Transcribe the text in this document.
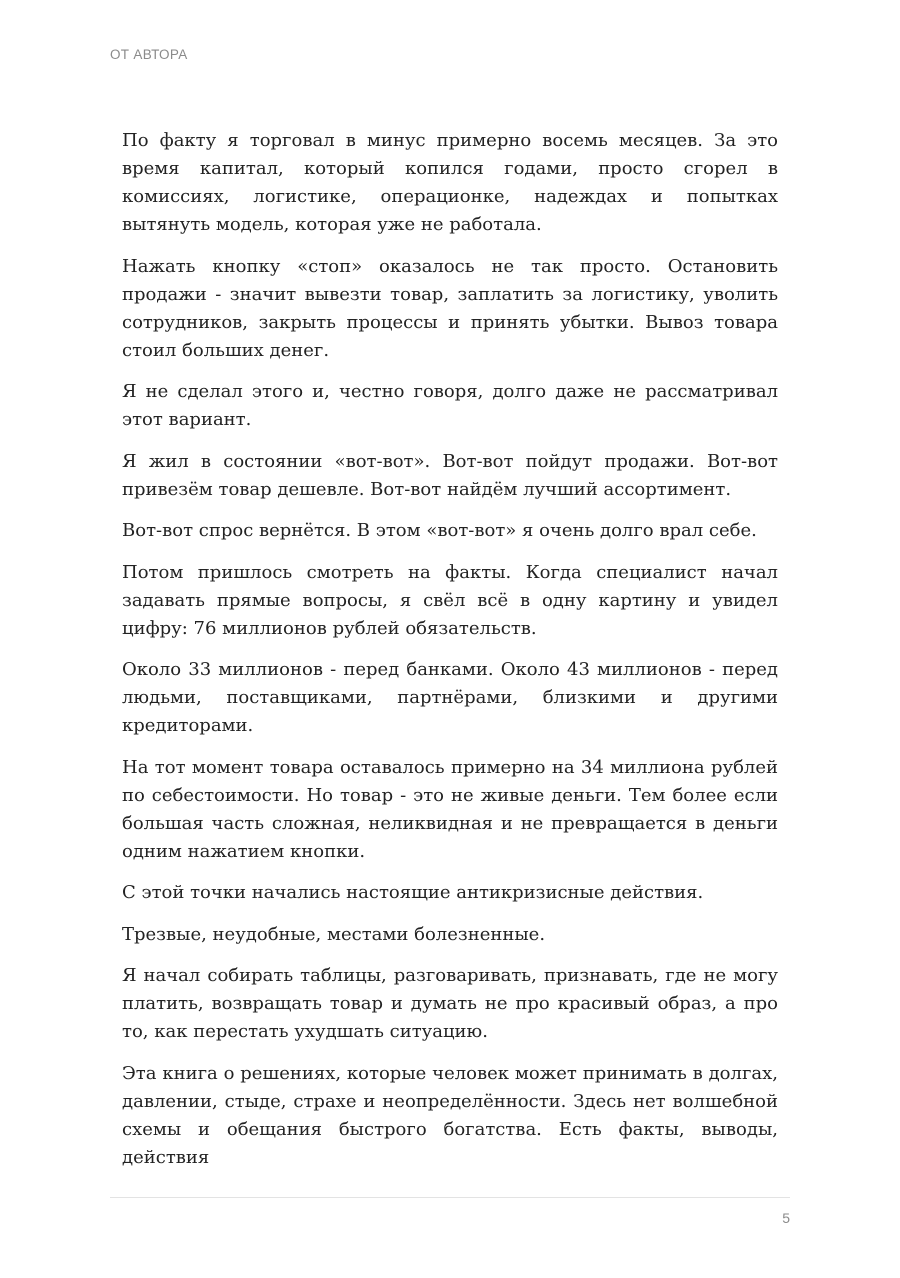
ОТ АВТОРА

По факту я торговал в минус примерно восемь месяцев. За это время капитал, который копился годами, просто сгорел в комиссиях, логистике, операционке, надеждах и попытках вытянуть модель, которая уже не работала.

Нажать кнопку «стоп» оказалось не так просто. Остановить продажи - значит вывезти товар, заплатить за логистику, уволить сотрудников, закрыть процессы и принять убытки. Вывоз товара стоил больших денег.

Я не сделал этого и, честно говоря, долго даже не рассматривал этот вариант.

Я жил в состоянии «вот-вот». Вот-вот пойдут продажи. Вот-вот привезём товар дешевле. Вот-вот найдём лучший ассортимент.

Вот-вот спрос вернётся. В этом «вот-вот» я очень долго врал себе.

Потом пришлось смотреть на факты. Когда специалист начал задавать прямые вопросы, я свёл всё в одну картину и увидел цифру: 76 миллионов рублей обязательств.

Около 33 миллионов - перед банками. Около 43 миллионов - перед людьми, поставщиками, партнёрами, близкими и другими кредиторами.

На тот момент товара оставалось примерно на 34 миллиона рублей по себестоимости. Но товар - это не живые деньги. Тем более если большая часть сложная, неликвидная и не превращается в деньги одним нажатием кнопки.

С этой точки начались настоящие антикризисные действия.

Трезвые, неудобные, местами болезненные.

Я начал собирать таблицы, разговаривать, признавать, где не могу платить, возвращать товар и думать не про красивый образ, а про то, как перестать ухудшать ситуацию.

Эта книга о решениях, которые человек может принимать в долгах, давлении, стыде, страхе и неопределённости. Здесь нет волшебной схемы и обещания быстрого богатства. Есть факты, выводы, действия

5
